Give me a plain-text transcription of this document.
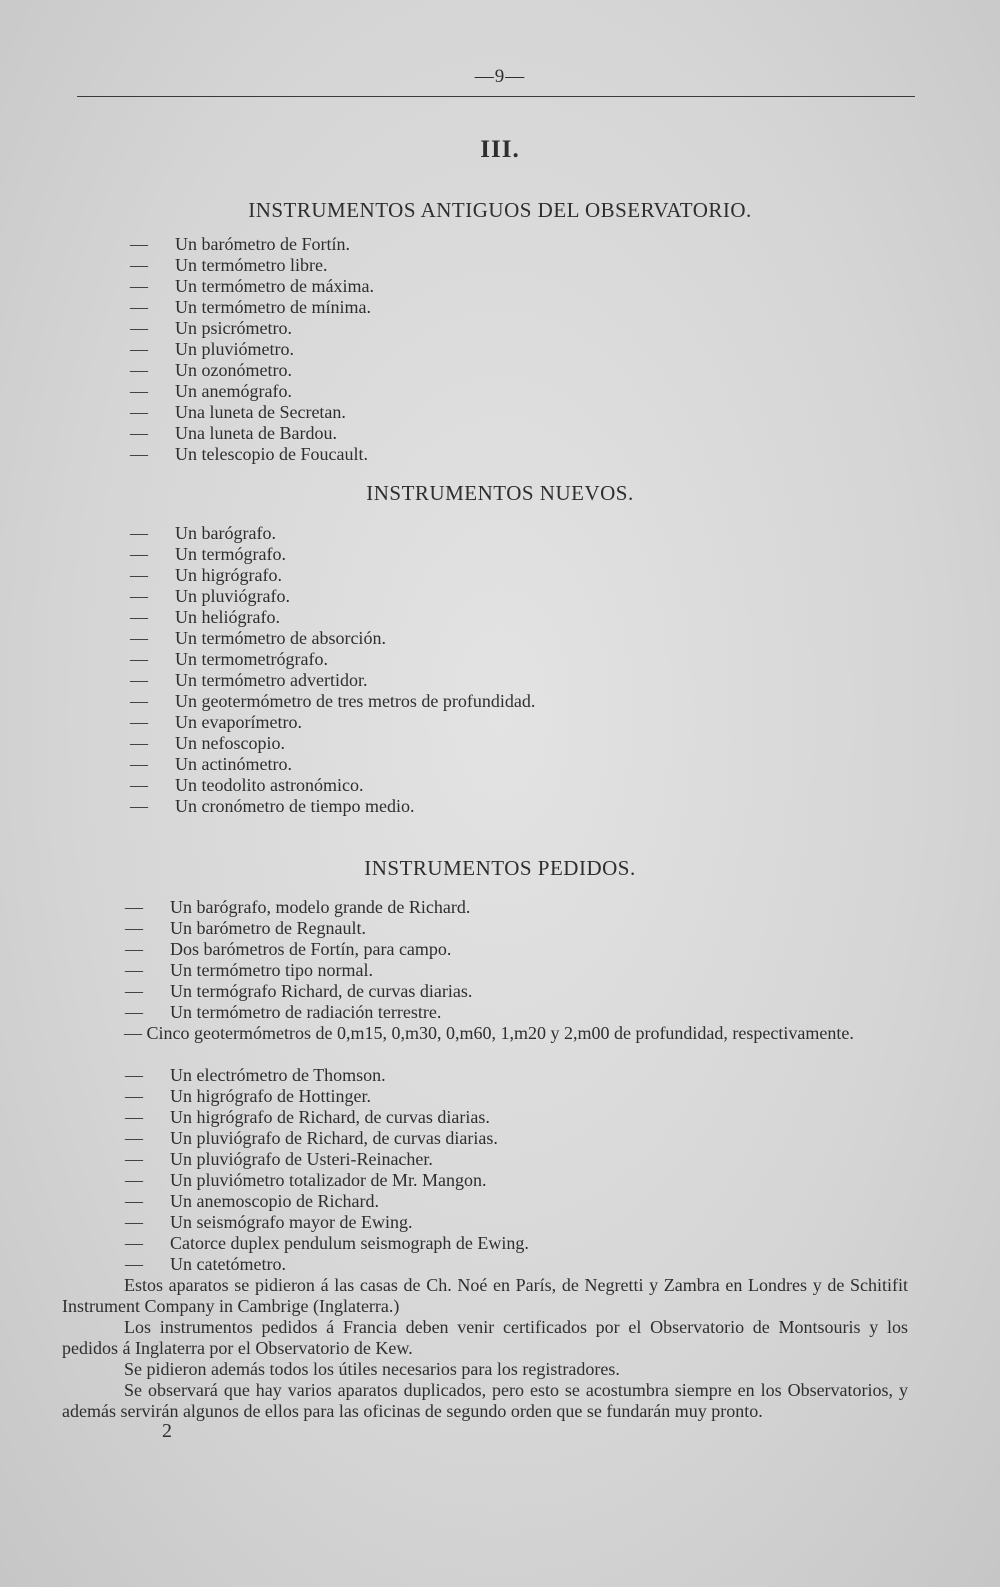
—9—
III.
INSTRUMENTOS ANTIGUOS DEL OBSERVATORIO.
— Un barómetro de Fortín.
— Un termómetro libre.
— Un termómetro de máxima.
— Un termómetro de mínima.
— Un psicrómetro.
— Un pluviómetro.
— Un ozonómetro.
— Un anemógrafo.
— Una luneta de Secretan.
— Una luneta de Bardou.
— Un telescopio de Foucault.
INSTRUMENTOS NUEVOS.
— Un barógrafo.
— Un termógrafo.
— Un higrógrafo.
— Un pluviógrafo.
— Un heliógrafo.
— Un termómetro de absorción.
— Un termometrógrafo.
— Un termómetro advertidor.
— Un geotermómetro de tres metros de profundidad.
— Un evaporímetro.
— Un nefoscopio.
— Un actinómetro.
— Un teodolito astronómico.
— Un cronómetro de tiempo medio.
INSTRUMENTOS PEDIDOS.
— Un barógrafo, modelo grande de Richard.
— Un barómetro de Regnault.
— Dos barómetros de Fortín, para campo.
— Un termómetro tipo normal.
— Un termógrafo Richard, de curvas diarias.
— Un termómetro de radiación terrestre.

— Cinco geotermómetros de 0,m15, 0,m30, 0,m60, 1,m20 y 2,m00 de profundidad, respectivamente.

— Un electrómetro de Thomson.
— Un higrógrafo de Hottinger.
— Un higrógrafo de Richard, de curvas diarias.
— Un pluviógrafo de Richard, de curvas diarias.
— Un pluviógrafo de Usteri-Reinacher.
— Un pluviómetro totalizador de Mr. Mangon.
— Un anemoscopio de Richard.
— Un seismógrafo mayor de Ewing.
— Catorce duplex pendulum seismograph de Ewing.
— Un catetómetro.

Estos aparatos se pidieron á las casas de Ch. Noé en París, de Negretti y Zambra en Londres y de Schitifit Instrument Company in Cambrige (Inglaterra.)

Los instrumentos pedidos á Francia deben venir certificados por el Observatorio de Montsouris y los pedidos á Inglaterra por el Observatorio de Kew.

Se pidieron además todos los útiles necesarios para los registradores.

Se observará que hay varios aparatos duplicados, pero esto se acostumbra siempre en los Observatorios, y además servirán algunos de ellos para las oficinas de segundo orden que se fundarán muy pronto.

2
